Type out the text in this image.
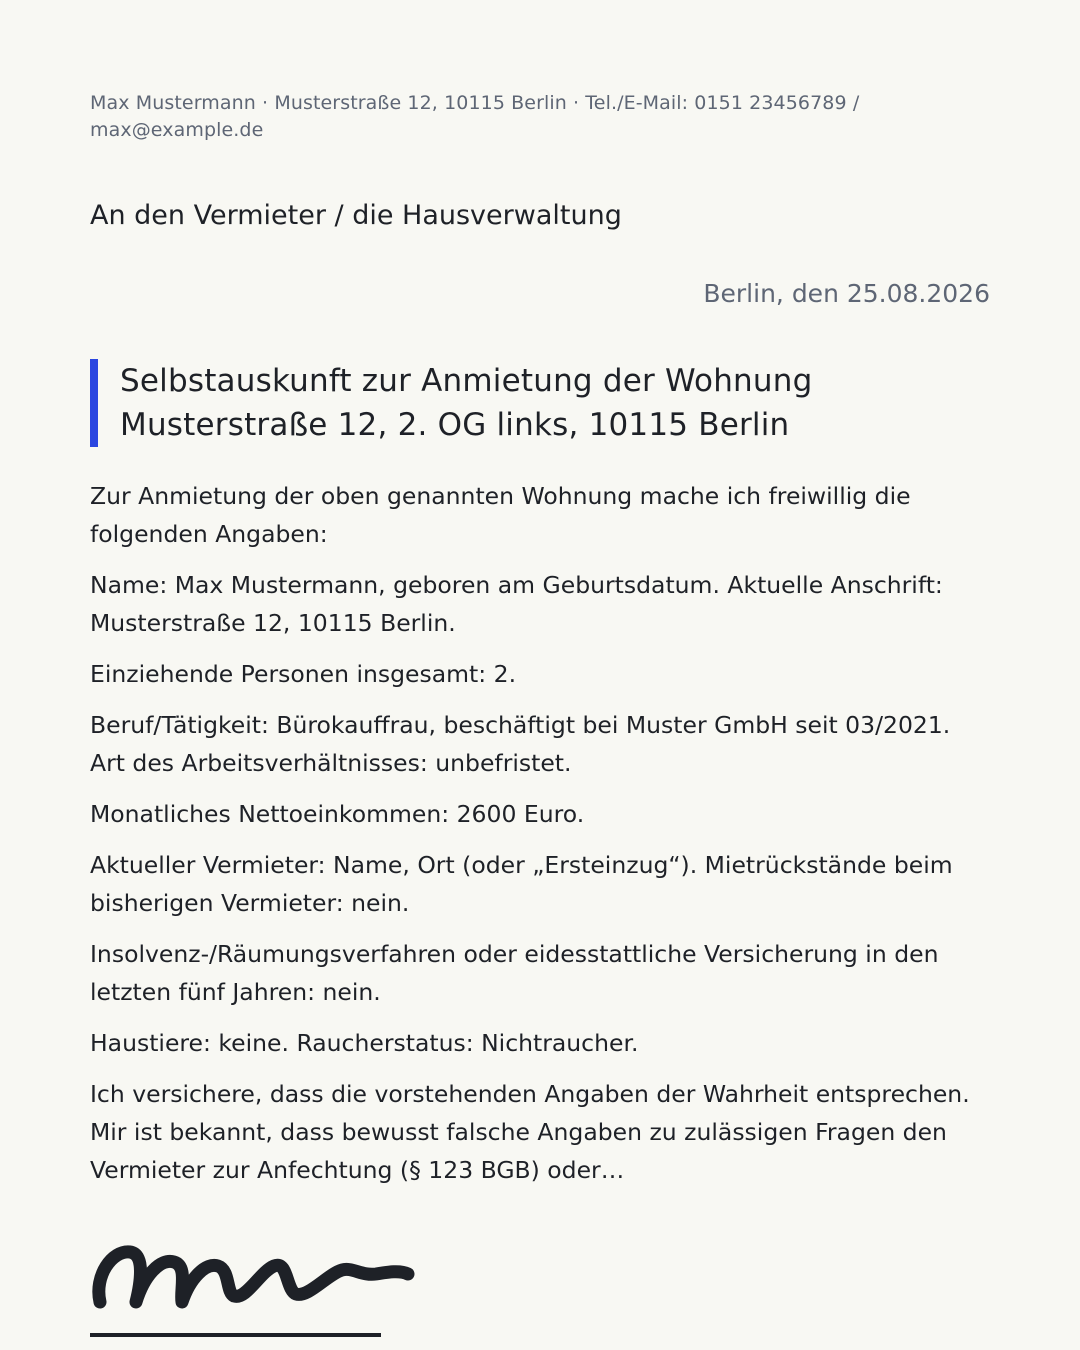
Max Mustermann · Musterstraße 12, 10115 Berlin · Tel./E-Mail: 0151 23456789 / max@example.de
An den Vermieter / die Hausverwaltung
Berlin, den 25.08.2026
Selbstauskunft zur Anmietung der Wohnung
Musterstraße 12, 2. OG links, 10115 Berlin

Zur Anmietung der oben genannten Wohnung mache ich freiwillig die folgenden Angaben:

Name: Max Mustermann, geboren am Geburtsdatum. Aktuelle Anschrift: Musterstraße 12, 10115 Berlin.

Einziehende Personen insgesamt: 2.

Beruf/Tätigkeit: Bürokauffrau, beschäftigt bei Muster GmbH seit 03/2021. Art des Arbeitsverhältnisses: unbefristet.

Monatliches Nettoeinkommen: 2600 Euro.

Aktueller Vermieter: Name, Ort (oder „Ersteinzug“). Mietrückstände beim bisherigen Vermieter: nein.

Insolvenz-/Räumungsverfahren oder eidesstattliche Versicherung in den letzten fünf Jahren: nein.

Haustiere: keine. Raucherstatus: Nichtraucher.

Ich versichere, dass die vorstehenden Angaben der Wahrheit entsprechen. Mir ist bekannt, dass bewusst falsche Angaben zu zulässigen Fragen den Vermieter zur Anfechtung (§ 123 BGB) oder…
